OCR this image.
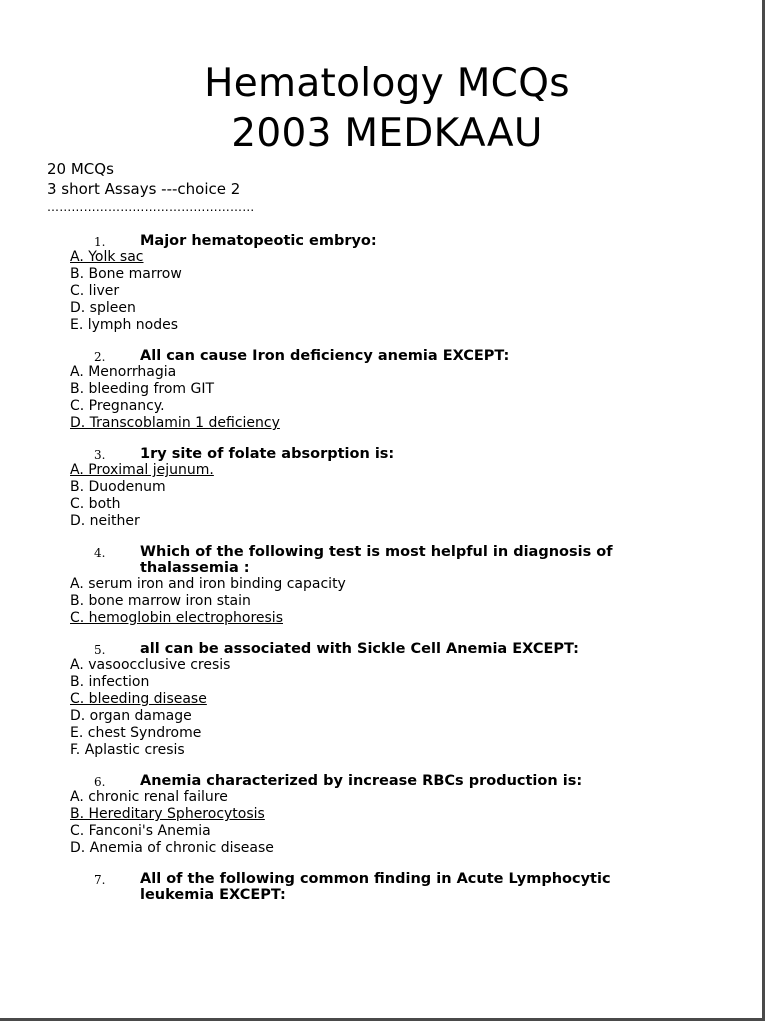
Hematology MCQs
2003 MEDKAAU
20 MCQs
3 short Assays ---choice 2
……………………………………………
1. Major hematopeotic embryo:
A. Yolk sac
B. Bone marrow
C. liver
D. spleen
E. lymph nodes
2. All can cause Iron deficiency anemia EXCEPT:
A. Menorrhagia
B. bleeding from GIT
C. Pregnancy.
D. Transcoblamin 1 deficiency
3. 1ry site of folate absorption is:
A. Proximal jejunum.
B. Duodenum
C. both
D. neither
4. Which of the following test is most helpful in diagnosis of thalassemia :
A. serum iron and iron binding capacity
B. bone marrow iron stain
C. hemoglobin electrophoresis
5. all can be associated with Sickle Cell Anemia EXCEPT:
A. vasoocclusive cresis
B. infection
C. bleeding disease
D. organ damage
E. chest Syndrome
F. Aplastic cresis
6. Anemia characterized by increase RBCs production is:
A. chronic renal failure
B. Hereditary Spherocytosis
C. Fanconi's Anemia
D. Anemia of chronic disease
7. All of the following common finding in Acute Lymphocytic leukemia EXCEPT:
